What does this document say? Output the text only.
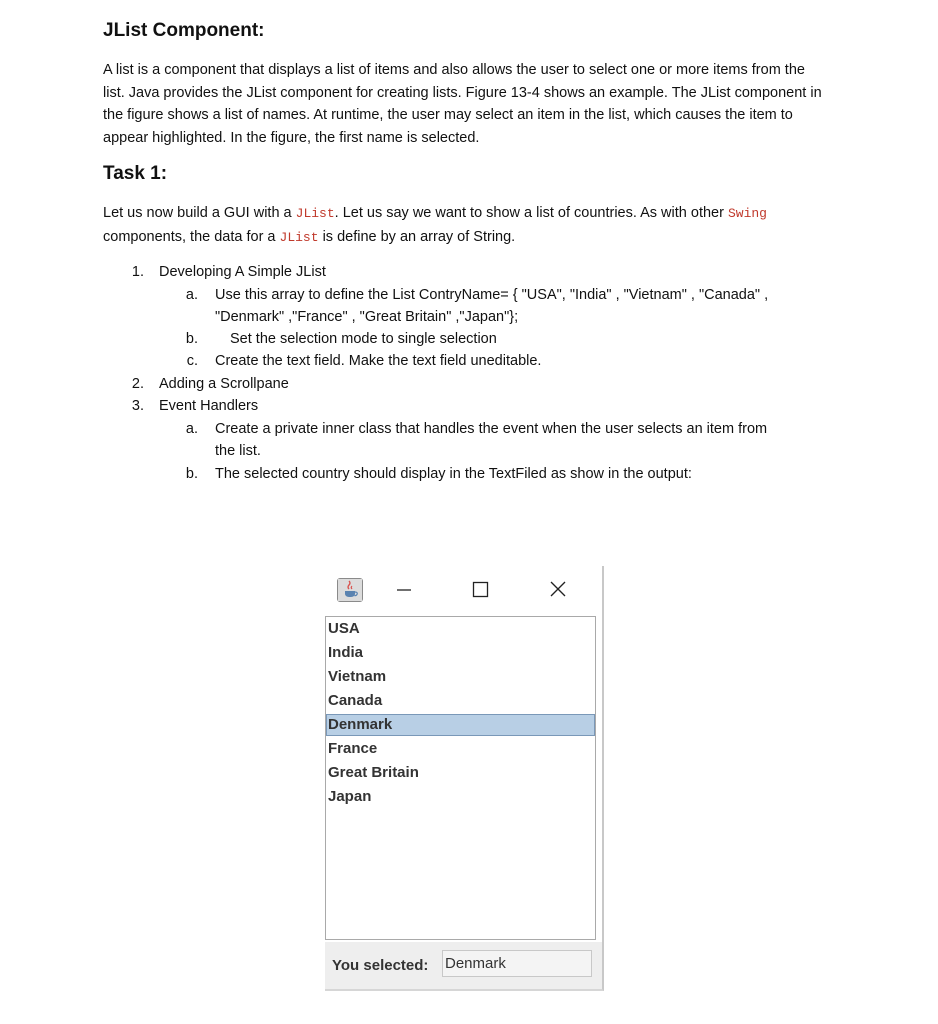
JList Component:

A list is a component that displays a list of items and also allows the user to select one or more items from the list. Java provides the JList component for creating lists. Figure 13-4 shows an example. The JList component in the figure shows a list of names. At runtime, the user may select an item in the list, which causes the item to appear highlighted. In the figure, the first name is selected.

Task 1:

Let us now build a GUI with a JList. Let us say we want to show a list of countries. As with other Swing components, the data for a JList is define by an array of String.

1. Developing A Simple JList
a. Use this array to define the List ContryName= { "USA", "India" , "Vietnam" , "Canada" ,
"Denmark" ,"France" , "Great Britain" ,"Japan"};
b. Set the selection mode to single selection
c. Create the text field. Make the text field uneditable.
2. Adding a Scrollpane
3. Event Handlers
a. Create a private inner class that handles the event when the user selects an item from
the list.
b. The selected country should display in the TextFiled as show in the output:
USA
India
Vietnam
Canada
Denmark
France
Great Britain
Japan
You selected: Denmark
